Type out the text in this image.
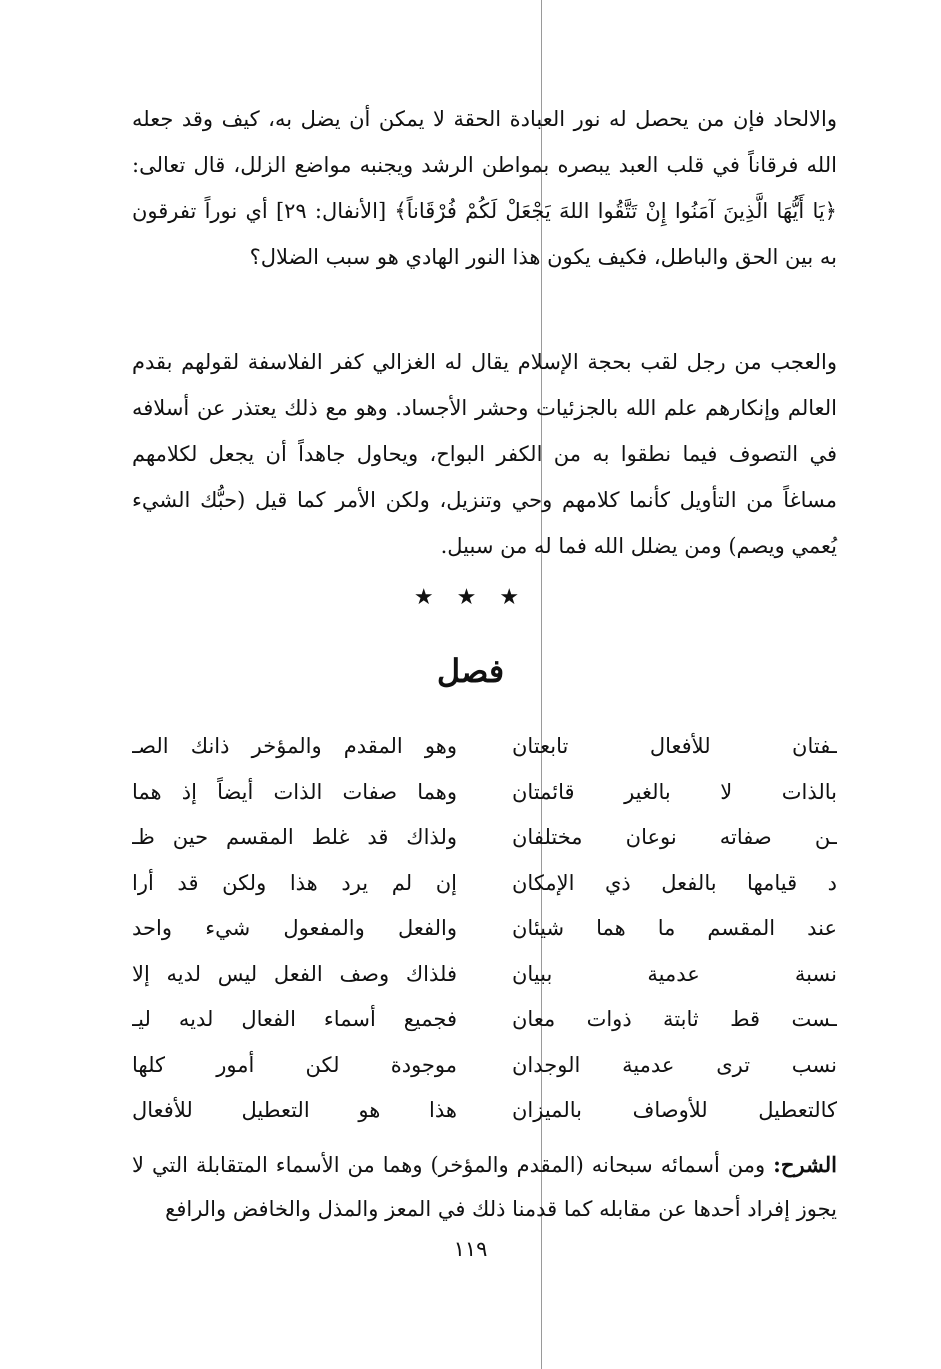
والالحاد فإن من يحصل له نور العبادة الحقة لا يمكن أن يضل به، كيف وقد جعله الله فرقاناً في قلب العبد يبصره بمواطن الرشد ويجنبه مواضع الزلل، قال تعالى: ﴿يَا أَيُّهَا الَّذِينَ آمَنُوا إِنْ تَتَّقُوا اللهَ يَجْعَلْ لَكُمْ فُرْقَاناً﴾ [الأنفال: ٢٩] أي نوراً تفرقون به بين الحق والباطل، فكيف يكون هذا النور الهادي هو سبب الضلال؟

والعجب من رجل لقب بحجة الإسلام يقال له الغزالي كفر الفلاسفة لقولهم بقدم العالم وإنكارهم علم الله بالجزئيات وحشر الأجساد. وهو مع ذلك يعتذر عن أسلافه في التصوف فيما نطقوا به من الكفر البواح، ويحاول جاهداً أن يجعل لكلامهم مساغاً من التأويل كأنما كلامهم وحي وتنزيل، ولكن الأمر كما قيل (حبُّك الشيء يُعمي ويصم) ومن يضلل الله فما له من سبيل.

★ ★ ★
فصل
وهو المقدم والمؤخر ذانك الصـ	ـفتان للأفعال تابعتان
وهما صفات الذات أيضاً إذ هما	بالذات لا بالغير قائمتان
ولذاك قد غلط المقسم حين ظـ	ـن صفاته نوعان مختلفان
إن لم يرد هذا ولكن قد أرا	د قيامها بالفعل ذي الإمكان
والفعل والمفعول شيء واحد	عند المقسم ما هما شيئان
فلذاك وصف الفعل ليس لديه إلا	نسبة عدمية ببيان
فجميع أسماء الفعال لديه ليـ	ـست قط ثابتة ذوات معان
موجودة لكن أمور كلها	نسب ترى عدمية الوجدان
هذا هو التعطيل للأفعال	كالتعطيل للأوصاف بالميزان

الشرح: ومن أسمائه سبحانه (المقدم والمؤخر) وهما من الأسماء المتقابلة التي لا يجوز إفراد أحدها عن مقابله كما قدمنا ذلك في المعز والمذل والخافض والرافع

١١٩
